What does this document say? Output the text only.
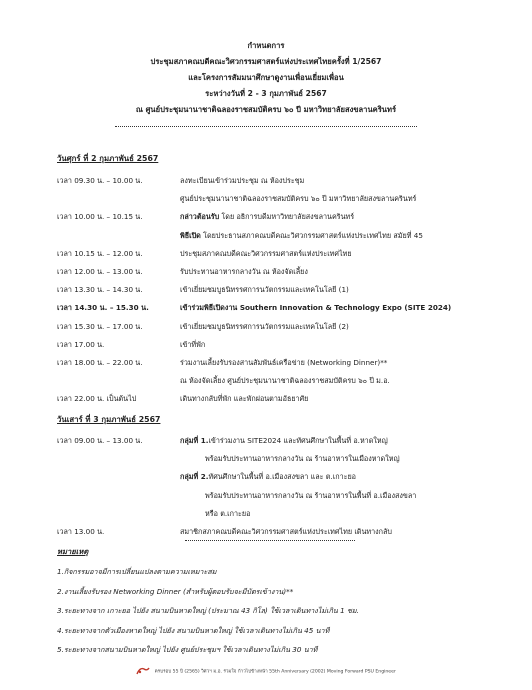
กำหนดการ
ประชุมสภาคณบดีคณะวิศวกรรมศาสตร์แห่งประเทศไทยครั้งที่ 1/2567
และโครงการสัมมนาศึกษาดูงานเพื่อนเยี่ยมเพื่อน
ระหว่างวันที่ 2 - 3 กุมภาพันธ์ 2567
ณ ศูนย์ประชุมนานาชาติฉลองราชสมบัติครบ ๖๐ ปี มหาวิทยาลัยสงขลานครินทร์
วันศุกร์ ที่ 2 กุมภาพันธ์ 2567
เวลา 09.30 น. – 10.00 น.	ลงทะเบียนเข้าร่วมประชุม ณ ห้องประชุม
ศูนย์ประชุมนานาชาติฉลองราชสมบัติครบ ๖๐ ปี มหาวิทยาลัยสงขลานครินทร์
เวลา 10.00 น. – 10.15 น.	กล่าวต้อนรับ โดย อธิการบดีมหาวิทยาลัยสงขลานครินทร์
พิธีเปิด โดยประธานสภาคณบดีคณะวิศวกรรมศาสตร์แห่งประเทศไทย สมัยที่ 45
เวลา 10.15 น. – 12.00 น.	ประชุมสภาคณบดีคณะวิศวกรรมศาสตร์แห่งประเทศไทย
เวลา 12.00 น. – 13.00 น.	รับประทานอาหารกลางวัน ณ ห้องจัดเลี้ยง
เวลา 13.30 น. – 14.30 น.	เข้าเยี่ยมชมบูธนิทรรศการนวัตกรรมและเทคโนโลยี (1)
เวลา 14.30 น. – 15.30 น.	เข้าร่วมพิธีเปิดงาน Southern Innovation & Technology Expo (SITE 2024)
เวลา 15.30 น. – 17.00 น.	เข้าเยี่ยมชมบูธนิทรรศการนวัตกรรมและเทคโนโลยี (2)
เวลา 17.00 น.	เข้าที่พัก
เวลา 18.00 น. – 22.00 น.	ร่วมงานเลี้ยงรับรองสานสัมพันธ์เครือข่าย (Networking Dinner)**
ณ ห้องจัดเลี้ยง ศูนย์ประชุมนานาชาติฉลองราชสมบัติครบ ๖๐ ปี ม.อ.
เวลา 22.00 น. เป็นต้นไป	เดินทางกลับที่พัก และพักผ่อนตามอัธยาศัย
วันเสาร์ ที่ 3 กุมภาพันธ์ 2567
เวลา 09.00 น. – 13.00 น.	กลุ่มที่ 1.เข้าร่วมงาน SITE2024 และทัศนศึกษาในพื้นที่ อ.หาดใหญ่
พร้อมรับประทานอาหารกลางวัน ณ ร้านอาหารในเมืองหาดใหญ่
กลุ่มที่ 2.ทัศนศึกษาในพื้นที่ อ.เมืองสงขลา และ ต.เกาะยอ
พร้อมรับประทานอาหารกลางวัน ณ ร้านอาหารในพื้นที่ อ.เมืองสงขลา
หรือ ต.เกาะยอ
เวลา 13.00 น.	สมาชิกสภาคณบดีคณะวิศวกรรมศาสตร์แห่งประเทศไทย เดินทางกลับ
หมายเหตุ
1.กิจกรรมอาจมีการเปลี่ยนแปลงตามความเหมาะสม
2.งานเลี้ยงรับรอง Networking Dinner (สำหรับผู้ตอบรับจะมีบัตรเข้างาน)**
3.ระยะทางจาก เกาะยอ ไปยัง สนามบินหาดใหญ่ (ประมาณ 43 กิโล) ใช้เวลาเดินทางไม่เกิน 1 ชม.
4.ระยะทางจากตัวเมืองหาดใหญ่ ไปยัง สนามบินหาดใหญ่ ใช้เวลาเดินทางไม่เกิน 45 นาที
5.ระยะทางจากสนามบินหาดใหญ่ ไปยัง ศูนย์ประชุมฯ ใช้เวลาเดินทางไม่เกิน 30 นาที
ครบรอบ 55 ปี (2565) วิศวฯ ม.อ. ร่วมใจ ก้าวไปข้างหน้า 55th Anniversary (2002) Moving Forward PSU Engineer
